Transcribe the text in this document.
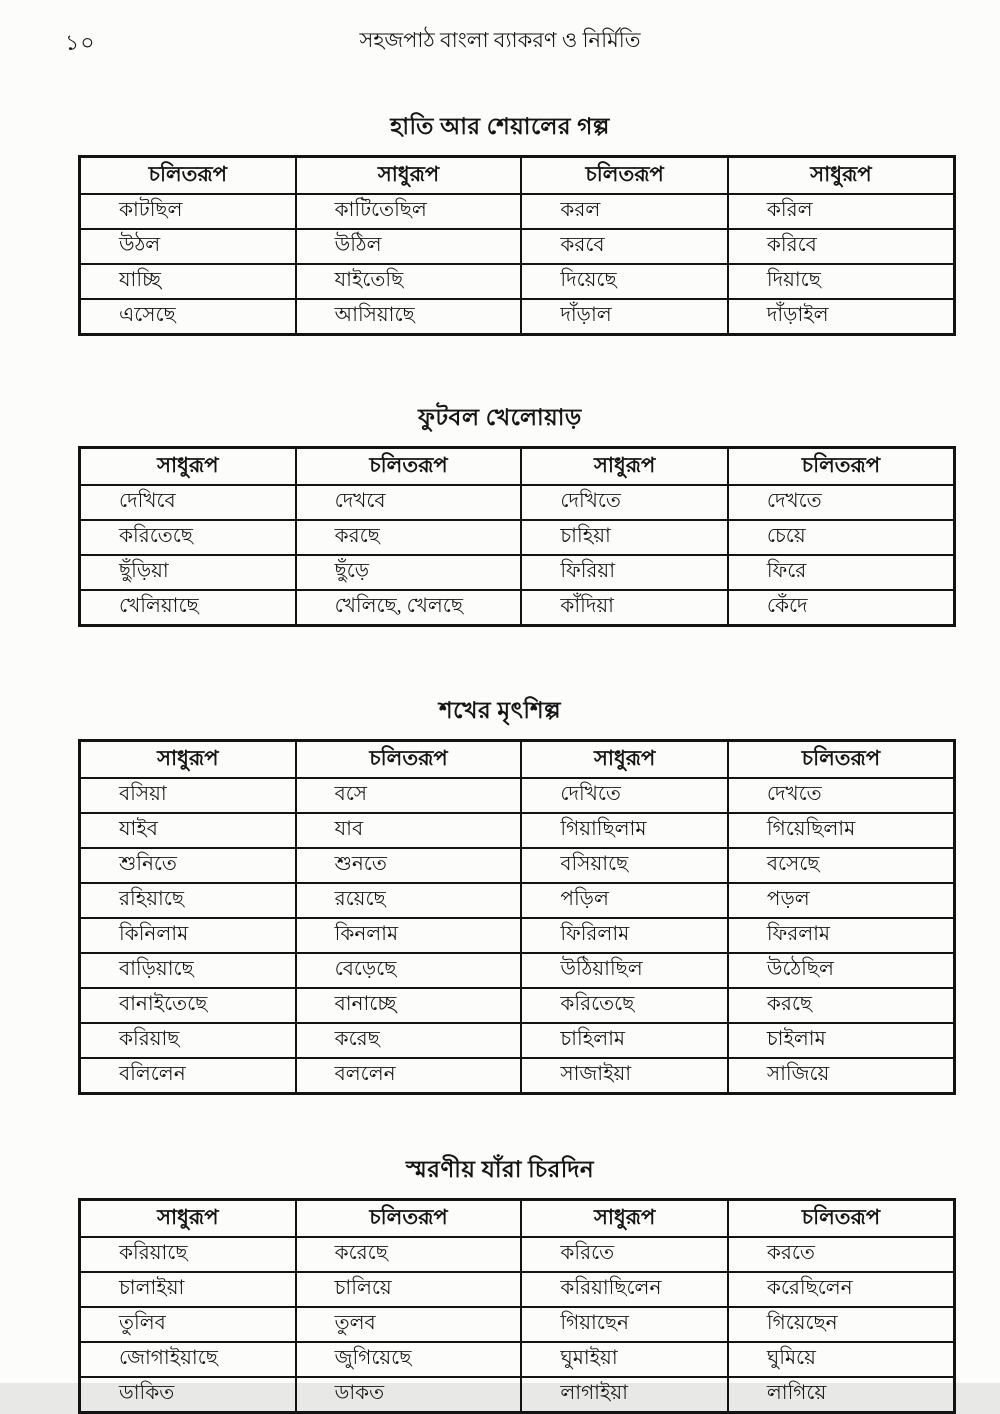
১০	সহজপাঠ বাংলা ব্যাকরণ ও নির্মিতি
হাতি আর শেয়ালের গল্প
চলিতরূপ	সাধুরূপ	চলিতরূপ	সাধুরূপ
কাটছিল	কাটিতেছিল	করল	করিল
উঠল	উঠিল	করবে	করিবে
যাচ্ছি	যাইতেছি	দিয়েছে	দিয়াছে
এসেছে	আসিয়াছে	দাঁড়াল	দাঁড়াইল
ফুটবল খেলোয়াড়
সাধুরূপ	চলিতরূপ	সাধুরূপ	চলিতরূপ
দেখিবে	দেখবে	দেখিতে	দেখতে
করিতেছে	করছে	চাহিয়া	চেয়ে
ছুঁড়িয়া	ছুঁড়ে	ফিরিয়া	ফিরে
খেলিয়াছে	খেলিছে, খেলছে	কাঁদিয়া	কেঁদে
শখের মৃৎশিল্প
সাধুরূপ	চলিতরূপ	সাধুরূপ	চলিতরূপ
বসিয়া	বসে	দেখিতে	দেখতে
যাইব	যাব	গিয়াছিলাম	গিয়েছিলাম
শুনিতে	শুনতে	বসিয়াছে	বসেছে
রহিয়াছে	রয়েছে	পড়িল	পড়ল
কিনিলাম	কিনলাম	ফিরিলাম	ফিরলাম
বাড়িয়াছে	বেড়েছে	উঠিয়াছিল	উঠেছিল
বানাইতেছে	বানাচ্ছে	করিতেছে	করছে
করিয়াছ	করেছ	চাহিলাম	চাইলাম
বলিলেন	বললেন	সাজাইয়া	সাজিয়ে
স্মরণীয় যাঁরা চিরদিন
সাধুরূপ	চলিতরূপ	সাধুরূপ	চলিতরূপ
করিয়াছে	করেছে	করিতে	করতে
চালাইয়া	চালিয়ে	করিয়াছিলেন	করেছিলেন
তুলিব	তুলব	গিয়াছেন	গিয়েছেন
জোগাইয়াছে	জুগিয়েছে	ঘুমাইয়া	ঘুমিয়ে
ডাকিত	ডাকত	লাগাইয়া	লাগিয়ে
